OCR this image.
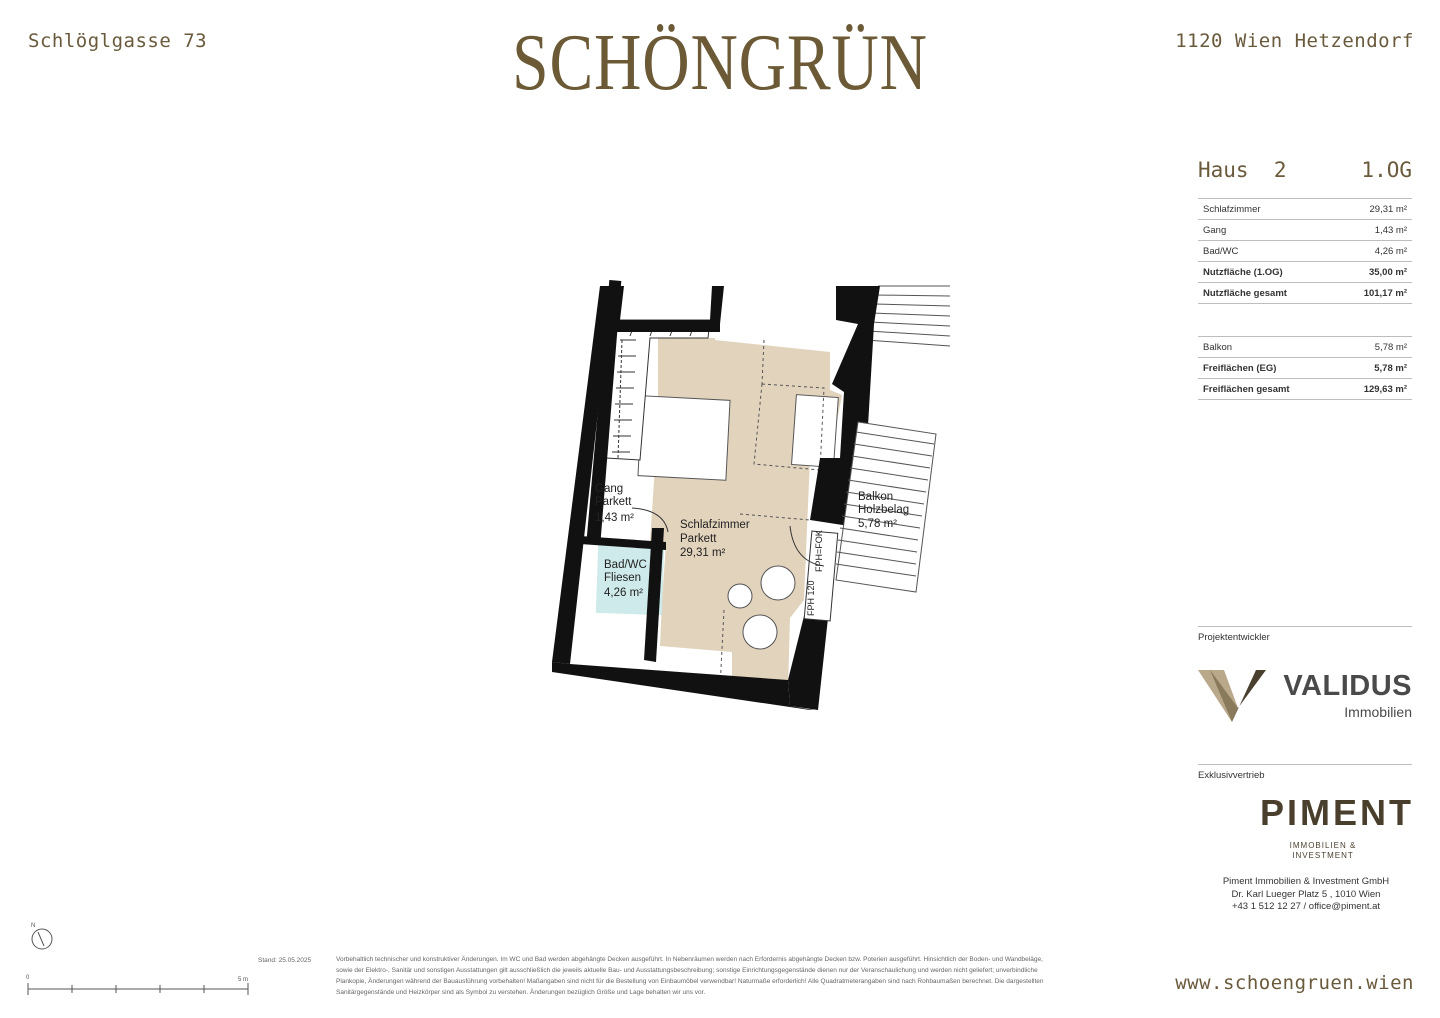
Schlöglgasse 73	SCHÖNGRÜN	1120 Wien Hetzendorf
Haus  2	1.OG
Schlafzimmer	29,31 m²
Gang	1,43 m²
Bad/WC	4,26 m²
Nutzfläche (1.OG)	35,00 m²
Nutzfläche gesamt	101,17 m²
Balkon	5,78 m²
Freiflächen (EG)	5,78 m²
Freiflächen gesamt	129,63 m²
Gang
Parkett
1,43 m²
Schlafzimmer
Parkett
29,31 m²
Bad/WC
Fliesen
4,26 m²
Balkon
Holzbelag
5,78 m²
FPH 120
FPH=FOK
Projektentwickler
VALIDUS
Immobilien
Exklusivvertrieb
PIMENT
IMMOBILIEN &
INVESTMENT
Piment Immobilien & Investment GmbH
Dr. Karl Lueger Platz 5 , 1010 Wien
+43 1 512 12 27 / office@piment.at
www.schoengruen.wien
N
0	5 m
Stand: 25.05.2025	Vorbehaltlich technischer und konstruktiver Änderungen. Im WC und Bad werden abgehängte Decken ausgeführt. In Nebenräumen werden nach Erfordernis abgehängte Decken bzw. Poterien ausgeführt. Hinsichtlich der Boden- und Wandbeläge, sowie der Elektro-, Sanitär und sonstigen Ausstattungen gilt ausschließlich die jeweils aktuelle Bau- und Ausstattungsbeschreibung; sonstige Einrichtungsgegenstände dienen nur der Veranschaulichung und werden nicht geliefert; unverbindliche Plankopie, Änderungen während der Bauausführung vorbehalten! Maßangaben sind nicht für die Bestellung von Einbaumöbel verwendbar! Naturmaße erforderlich! Alle Quadratmeterangaben sind nach Rohbaumaßen berechnet. Die dargestellten Sanitärgegenstände und Heizkörper sind als Symbol zu verstehen. Änderungen bezüglich Größe und Lage behalten wir uns vor.
